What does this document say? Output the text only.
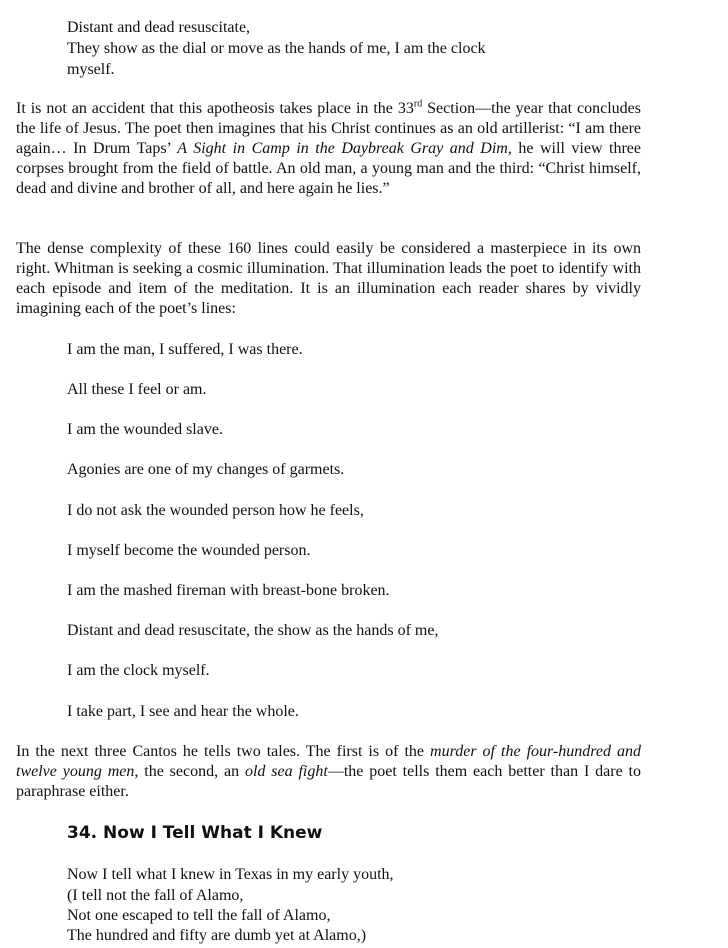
Distant and dead resuscitate,
They show as the dial or move as the hands of me, I am the clock
myself.
It is not an accident that this apotheosis takes place in the 33rd Section—the year that concludes the life of Jesus. The poet then imagines that his Christ continues as an old artillerist: “I am there again… In Drum Taps’ A Sight in Camp in the Daybreak Gray and Dim, he will view three corpses brought from the field of battle. An old man, a young man and the third: “Christ himself, dead and divine and brother of all, and here again he lies.”
The dense complexity of these 160 lines could easily be considered a masterpiece in its own right. Whitman is seeking a cosmic illumination. That illumination leads the poet to identify with each episode and item of the meditation. It is an illumination each reader shares by vividly imagining each of the poet’s lines:
I am the man, I suffered, I was there.
All these I feel or am.
I am the wounded slave.
Agonies are one of my changes of garmets.
I do not ask the wounded person how he feels,
I myself become the wounded person.
I am the mashed fireman with breast-bone broken.
Distant and dead resuscitate, the show as the hands of me,
I am the clock myself.
I take part, I see and hear the whole.
In the next three Cantos he tells two tales. The first is of the murder of the four-hundred and twelve young men, the second, an old sea fight—the poet tells them each better than I dare to paraphrase either.
34. Now I Tell What I Knew
Now I tell what I knew in Texas in my early youth,
(I tell not the fall of Alamo,
Not one escaped to tell the fall of Alamo,
The hundred and fifty are dumb yet at Alamo,)
